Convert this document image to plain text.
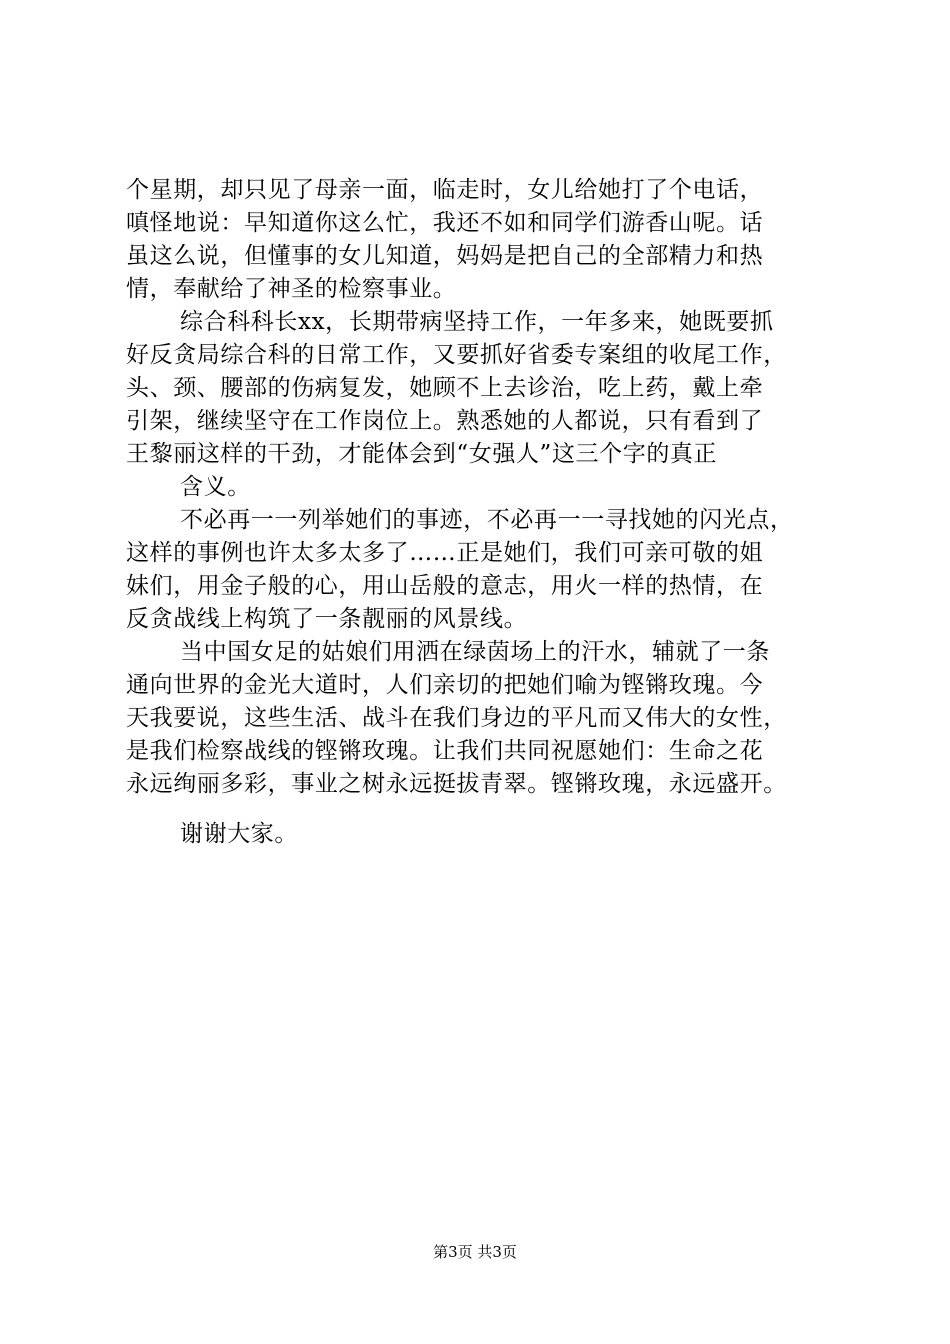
个星期，却只见了母亲一面，临走时，女儿给她打了个电话，
嗔怪地说：早知道你这么忙，我还不如和同学们游香山呢。话
虽这么说，但懂事的女儿知道，妈妈是把自己的全部精力和热
情，奉献给了神圣的检察事业。
综合科科长xx，长期带病坚持工作，一年多来，她既要抓
好反贪局综合科的日常工作，又要抓好省委专案组的收尾工作，
头、颈、腰部的伤病复发，她顾不上去诊治，吃上药，戴上牵
引架，继续坚守在工作岗位上。熟悉她的人都说，只有看到了
王黎丽这样的干劲，才能体会到“女强人”这三个字的真正
含义。
不必再一一列举她们的事迹，不必再一一寻找她的闪光点，
这样的事例也许太多太多了……正是她们，我们可亲可敬的姐
妹们，用金子般的心，用山岳般的意志，用火一样的热情，在
反贪战线上构筑了一条靓丽的风景线。
当中国女足的姑娘们用洒在绿茵场上的汗水，辅就了一条
通向世界的金光大道时，人们亲切的把她们喻为铿锵玫瑰。今
天我要说，这些生活、战斗在我们身边的平凡而又伟大的女性，
是我们检察战线的铿锵玫瑰。让我们共同祝愿她们：生命之花
永远绚丽多彩，事业之树永远挺拔青翠。铿锵玫瑰，永远盛开。
谢谢大家。
第3页 共3页
